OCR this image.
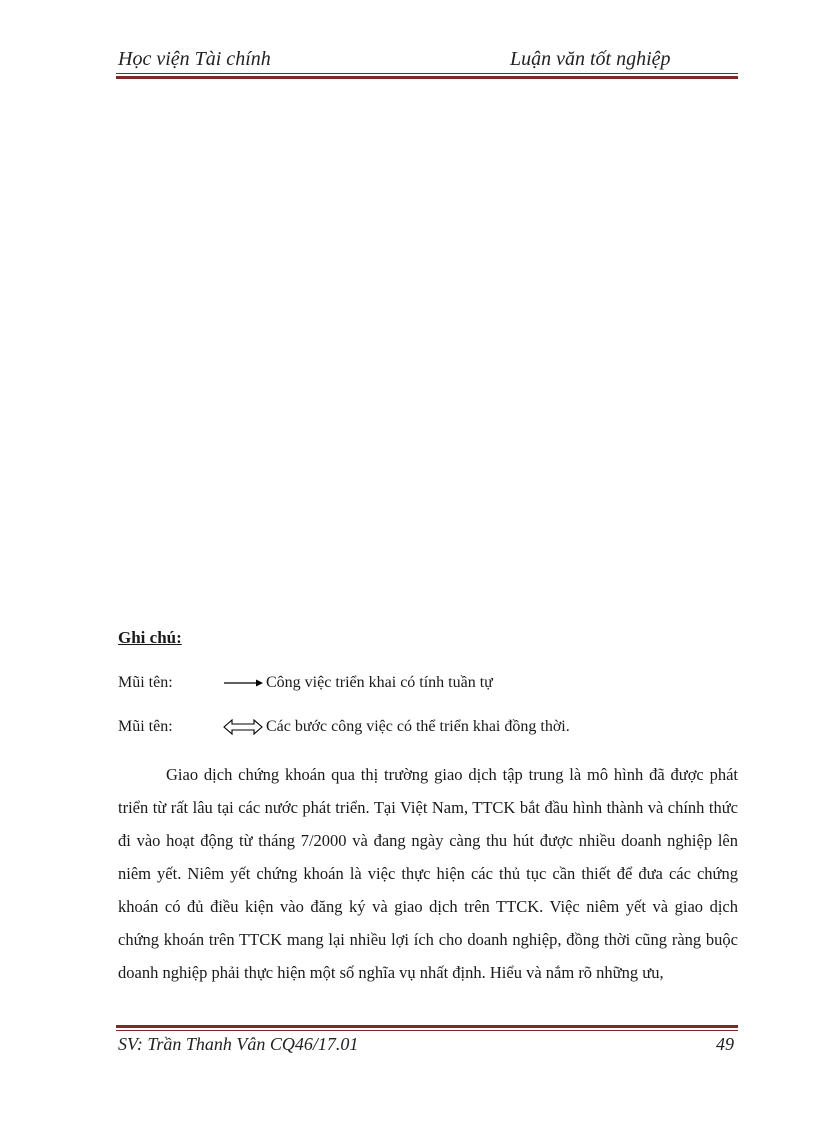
Học viện Tài chính	Luận văn tốt nghiệp
Ghi chú:
Mũi tên:	Công việc triển khai có tính tuần tự
Mũi tên:	Các bước công việc có thể triển khai đồng thời.
Giao dịch chứng khoán qua thị trường giao dịch tập trung là mô hình đã được phát triển từ rất lâu tại các nước phát triển. Tại Việt Nam, TTCK bắt đầu hình thành và chính thức đi vào hoạt động từ tháng 7/2000 và đang ngày càng thu hút được nhiều doanh nghiệp lên niêm yết. Niêm yết chứng khoán là việc thực hiện các thủ tục cần thiết để đưa các chứng khoán có đủ điều kiện vào đăng ký và giao dịch trên TTCK. Việc niêm yết và giao dịch chứng khoán trên TTCK mang lại nhiều lợi ích cho doanh nghiệp, đồng thời cũng ràng buộc doanh nghiệp phải thực hiện một số nghĩa vụ nhất định. Hiểu và nắm rõ những ưu,
SV: Trần Thanh Vân CQ46/17.01	49
